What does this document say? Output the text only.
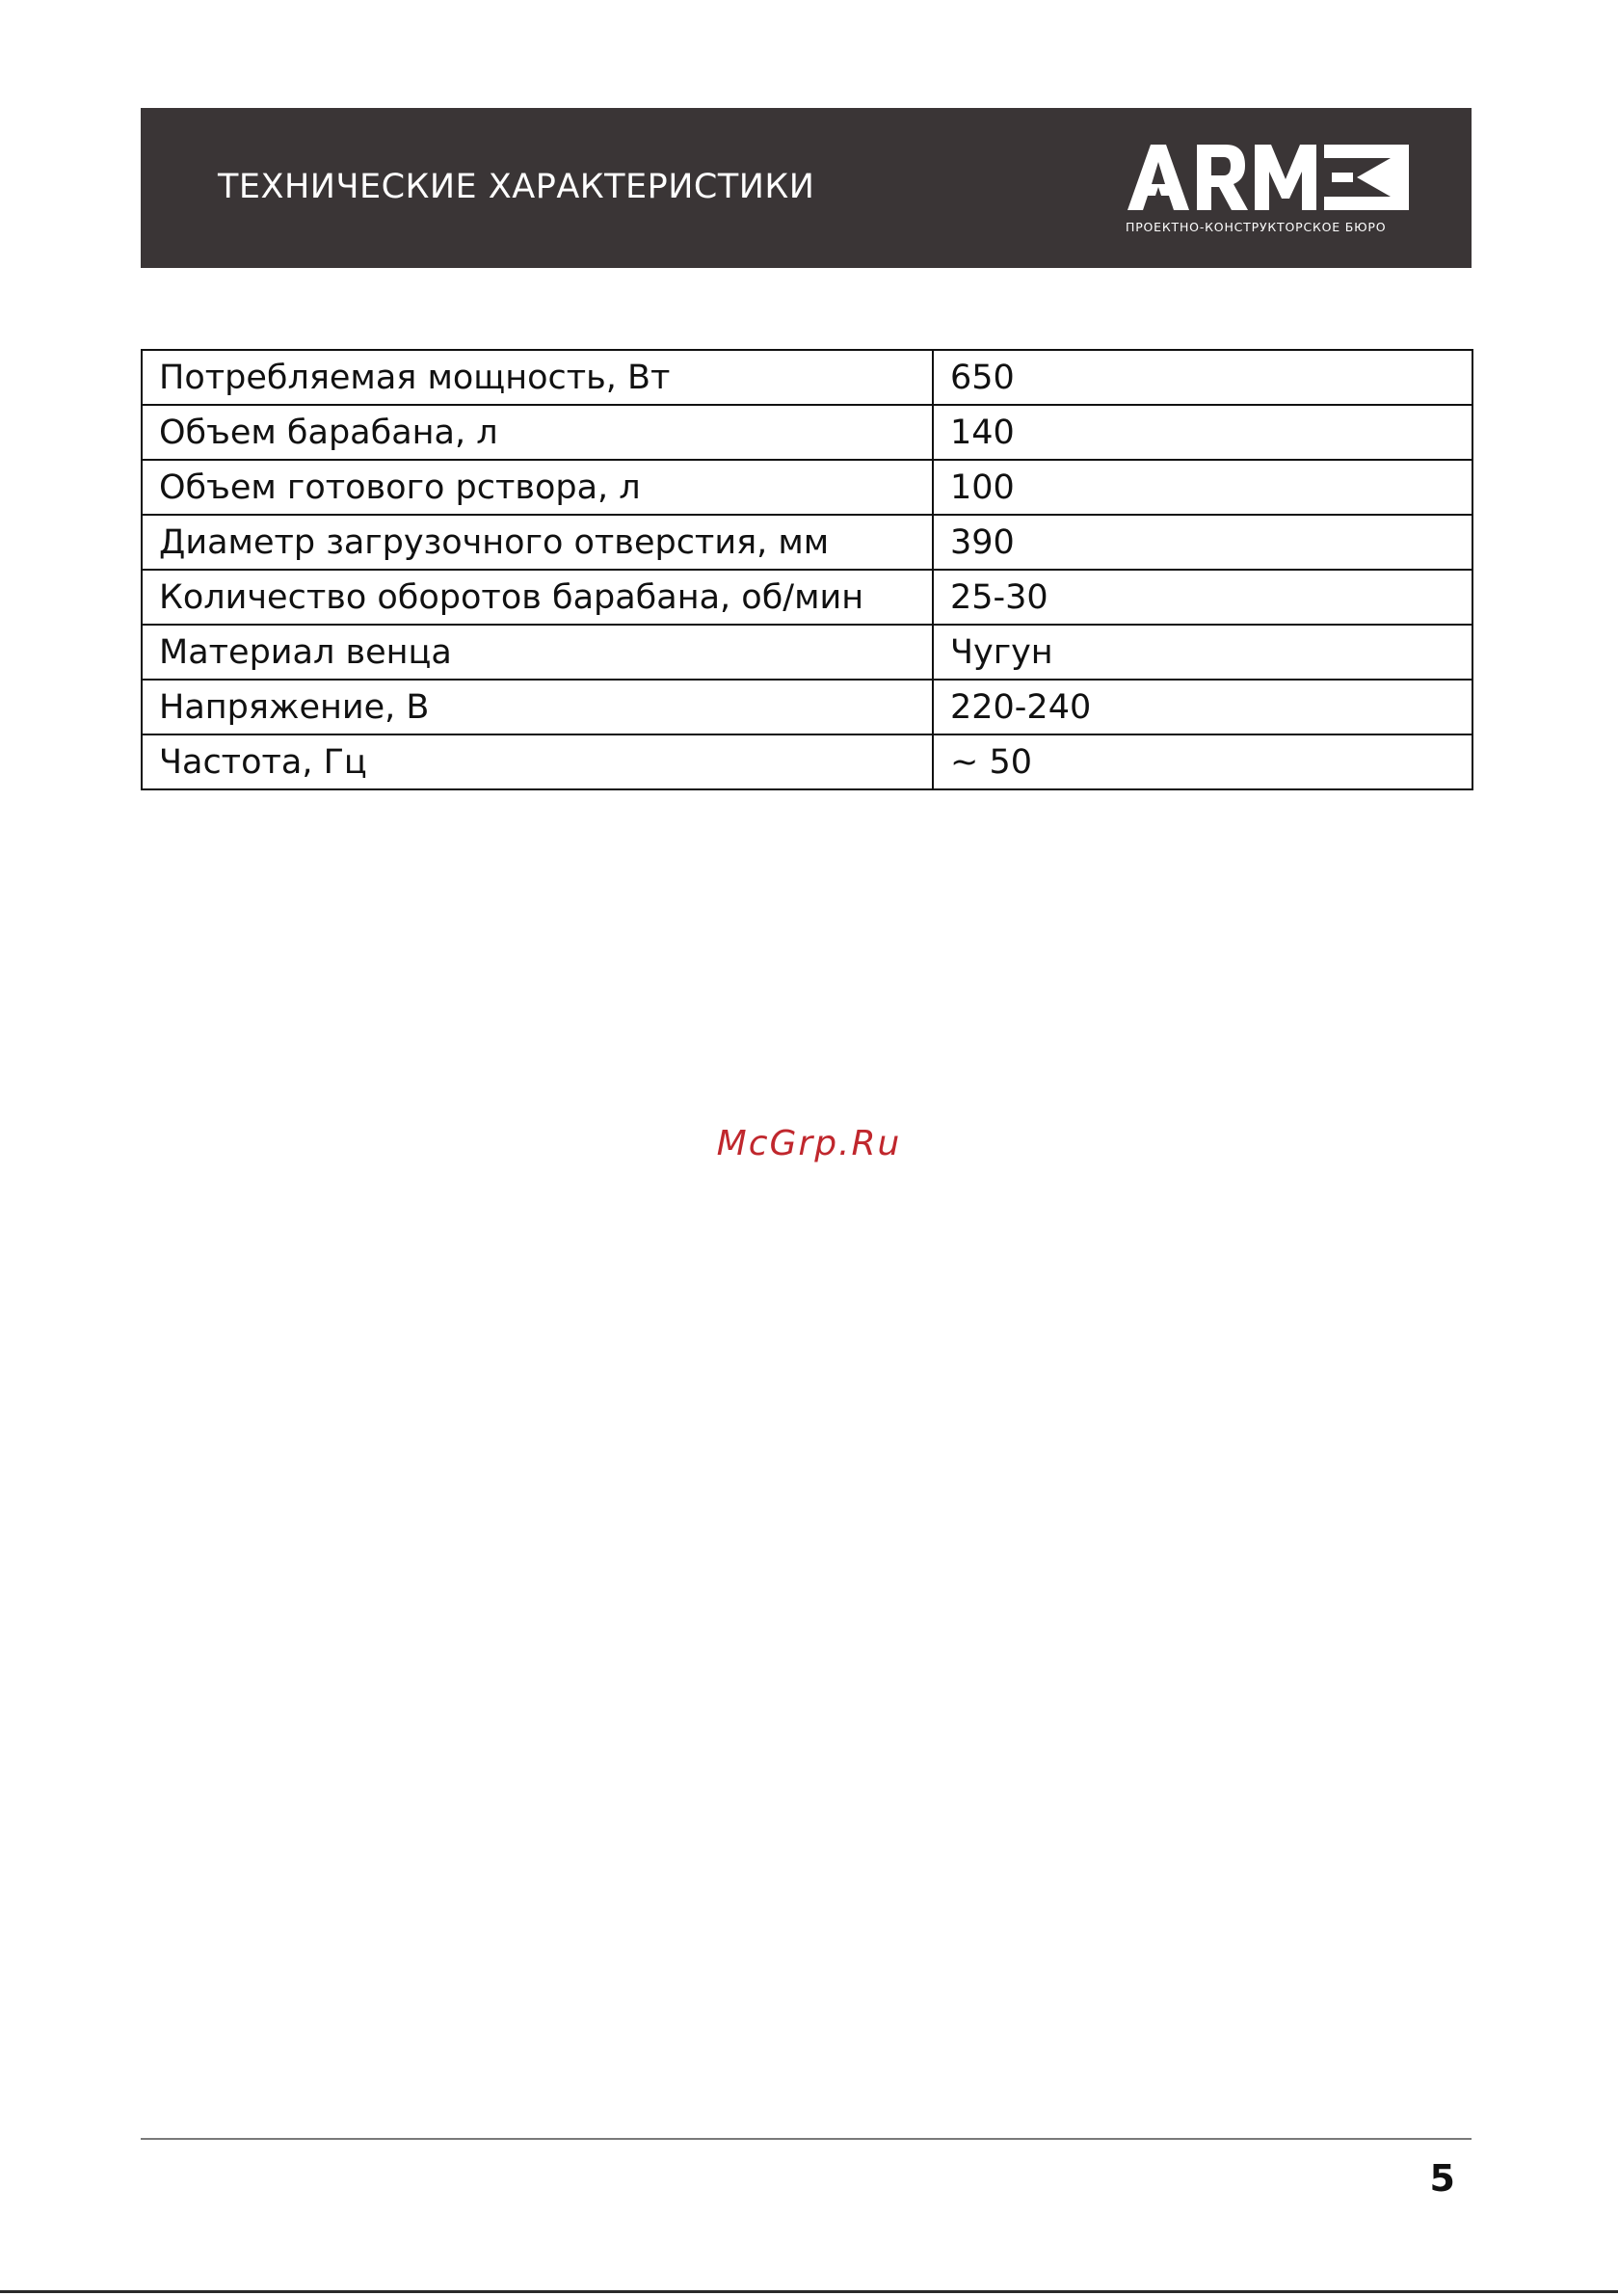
ТЕХНИЧЕСКИЕ ХАРАКТЕРИСТИКИ
ПРОЕКТНО-КОНСТРУКТОРСКОЕ БЮРО
Потребляемая мощность, Вт	650
Объем барабана, л	140
Объем готового рствора, л	100
Диаметр загрузочного отверстия, мм	390
Количество оборотов барабана, об/мин	25-30
Материал венца	Чугун
Напряжение, В	220-240
Частота, Гц	~ 50
McGrp.Ru
5
